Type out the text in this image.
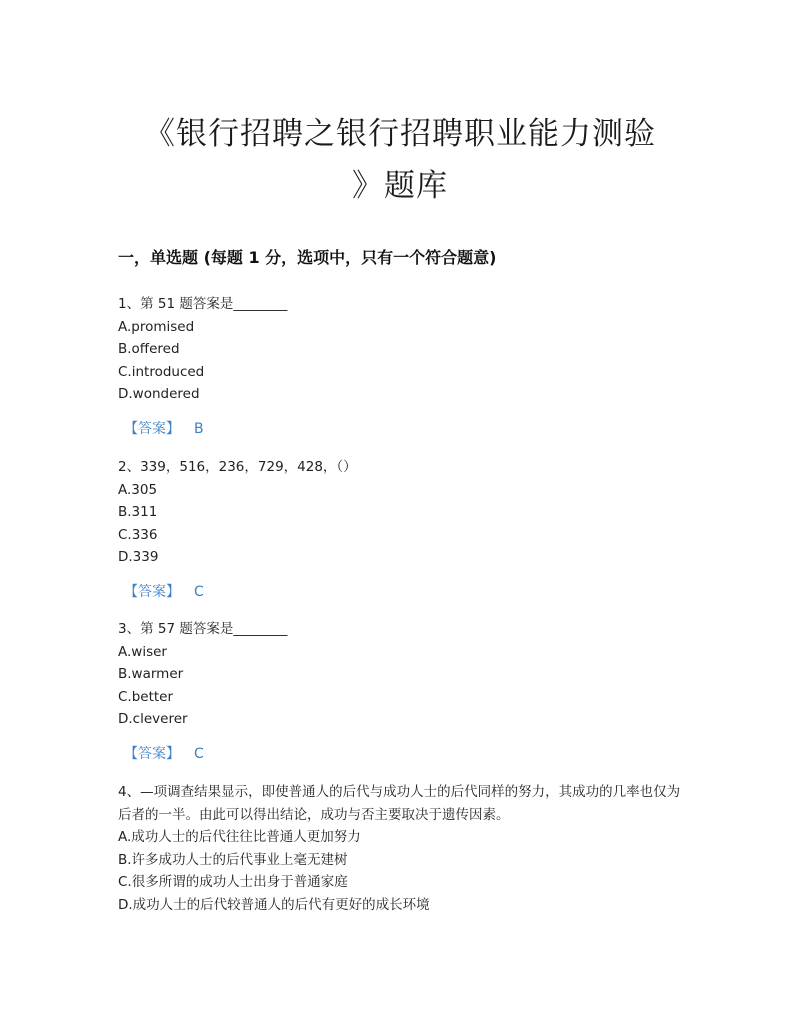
《银行招聘之银行招聘职业能力测验
》题库
一，单选题 (每题 1 分，选项中，只有一个符合题意)

1、第 51 题答案是________

A.promised
B.offered
C.introduced
D.wondered
【答案】 B

2、339，516，236，729，428，（）

A.305
B.311
C.336
D.339
【答案】 C

3、第 57 题答案是________

A.wiser
B.warmer
C.better
D.cleverer
【答案】 C

4、—项调查结果显示，即使普通人的后代与成功人士的后代同样的努力，其成功的几率也仅为后者的一半。由此可以得出结论，成功与否主要取决于遗传因素。

A.成功人士的后代往往比普通人更加努力
B.许多成功人士的后代事业上毫无建树
C.很多所谓的成功人士出身于普通家庭
D.成功人士的后代较普通人的后代有更好的成长环境
